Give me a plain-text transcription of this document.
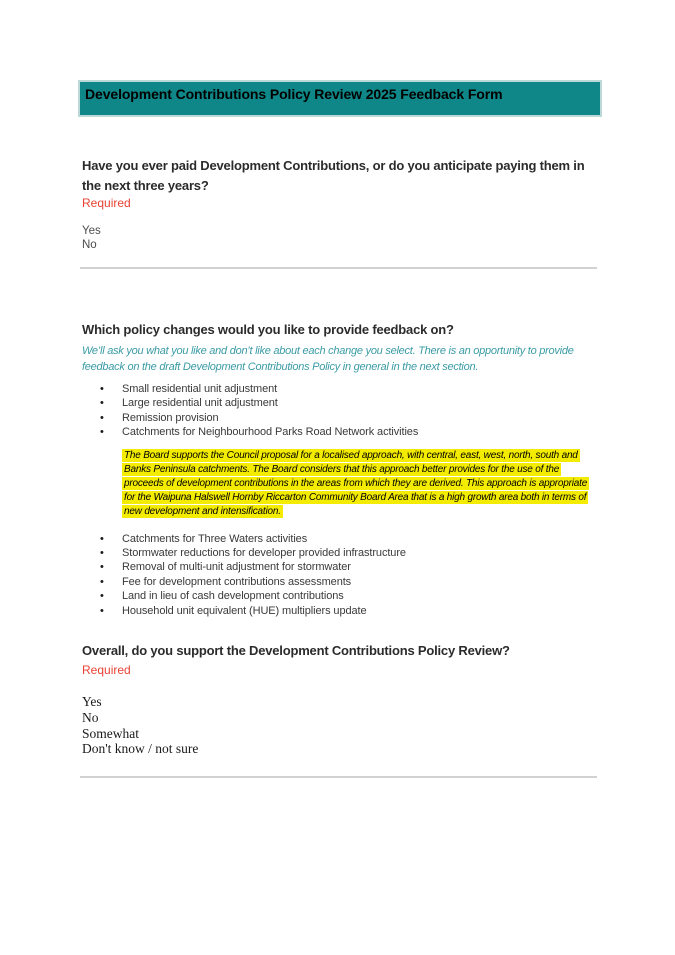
Development Contributions Policy Review 2025 Feedback Form
Have you ever paid Development Contributions, or do you anticipate paying them in the next three years?
Required
Yes
No
Which policy changes would you like to provide feedback on?
We’ll ask you what you like and don’t like about each change you select. There is an opportunity to provide feedback on the draft Development Contributions Policy in general in the next section.
• Small residential unit adjustment
• Large residential unit adjustment
• Remission provision
• Catchments for Neighbourhood Parks Road Network activities
The Board supports the Council proposal for a localised approach, with central, east, west, north, south and Banks Peninsula catchments. The Board considers that this approach better provides for the use of the proceeds of development contributions in the areas from which they are derived. This approach is appropriate for the Waipuna Halswell Hornby Riccarton Community Board Area that is a high growth area both in terms of new development and intensification.
• Catchments for Three Waters activities
• Stormwater reductions for developer provided infrastructure
• Removal of multi-unit adjustment for stormwater
• Fee for development contributions assessments
• Land in lieu of cash development contributions
• Household unit equivalent (HUE) multipliers update
Overall, do you support the Development Contributions Policy Review?
Required
Yes
No
Somewhat
Don't know / not sure
